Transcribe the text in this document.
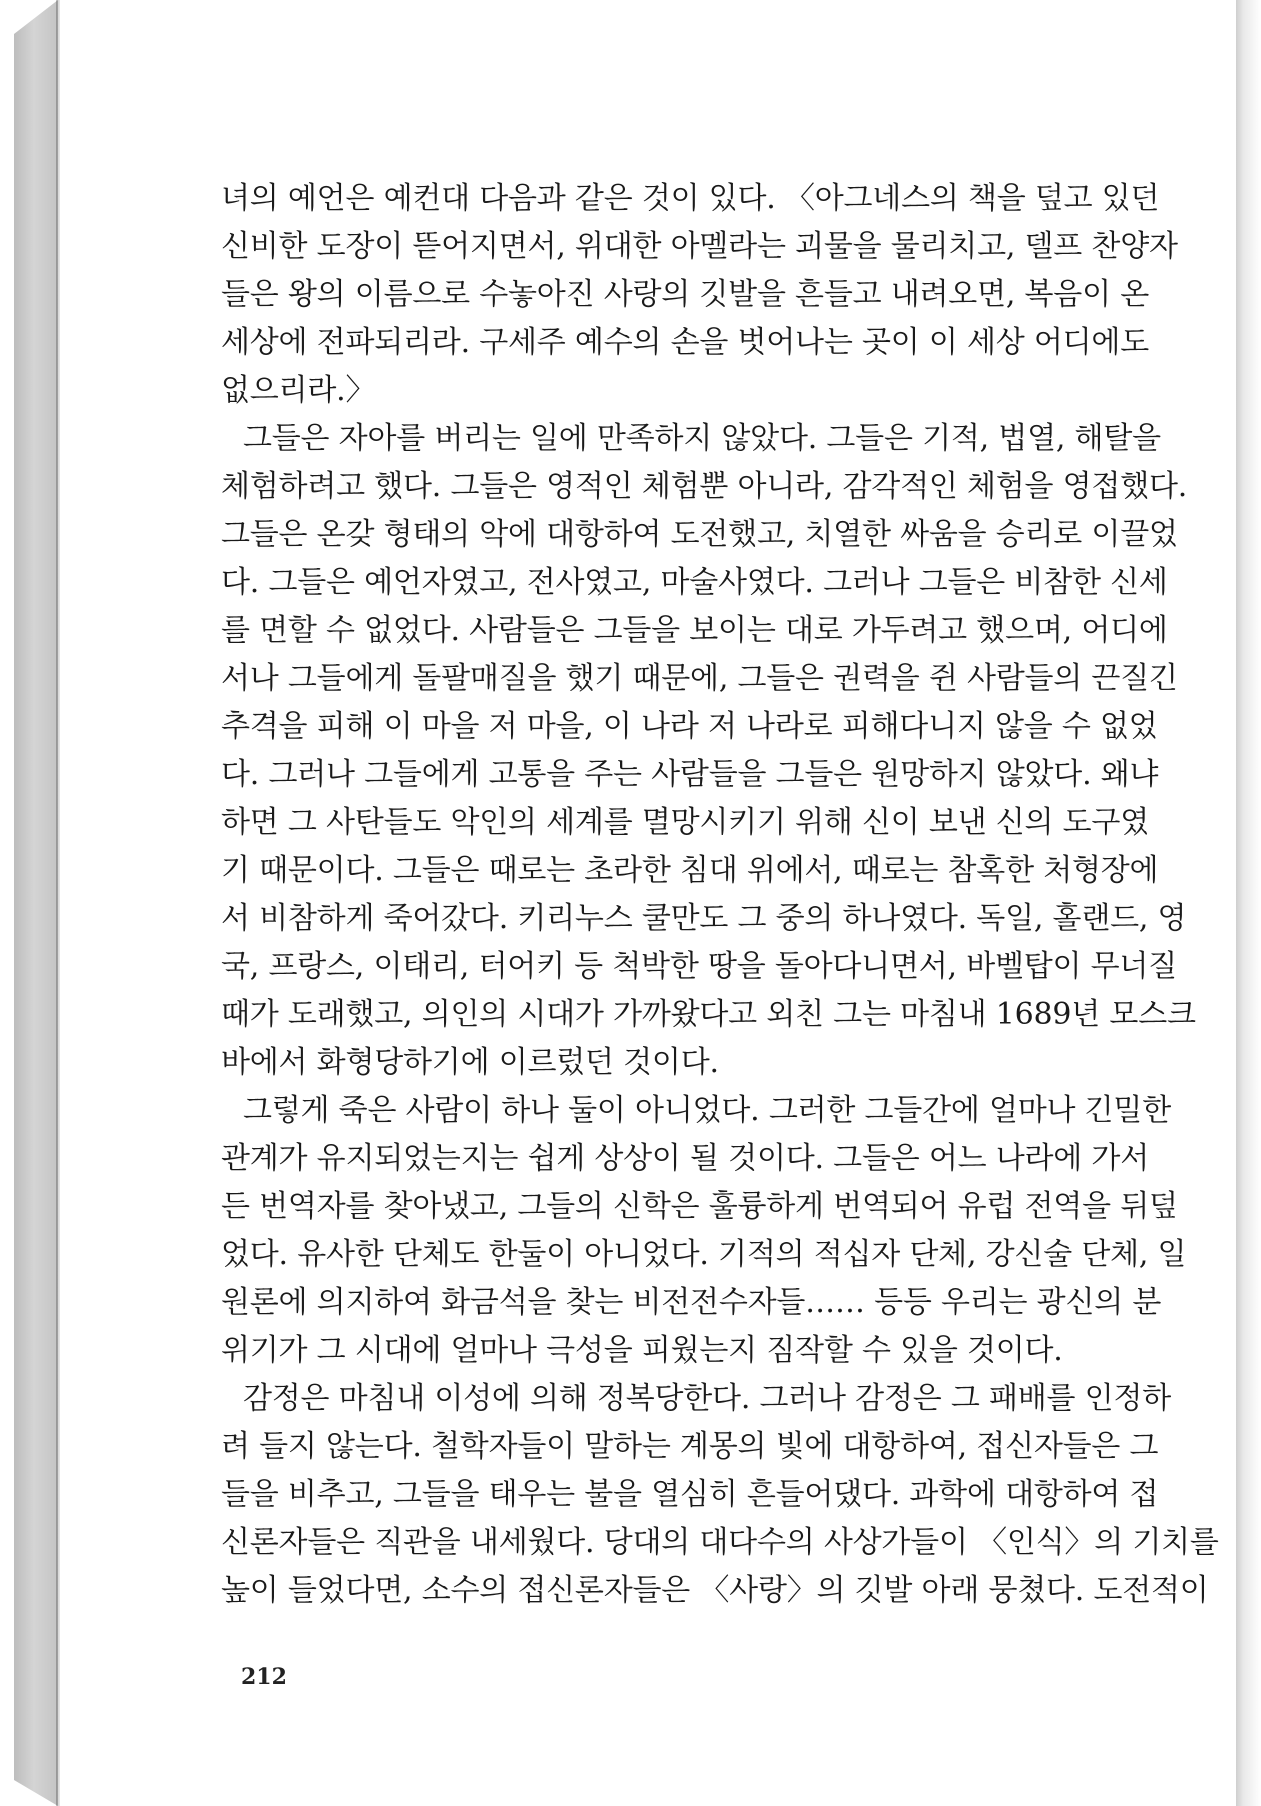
녀의 예언은 예컨대 다음과 같은 것이 있다. 〈아그네스의 책을 덮고 있던
신비한 도장이 뜯어지면서, 위대한 아멜라는 괴물을 물리치고, 델프 찬양자
들은 왕의 이름으로 수놓아진 사랑의 깃발을 흔들고 내려오면, 복음이 온
세상에 전파되리라. 구세주 예수의 손을 벗어나는 곳이 이 세상 어디에도
없으리라.〉
그들은 자아를 버리는 일에 만족하지 않았다. 그들은 기적, 법열, 해탈을
체험하려고 했다. 그들은 영적인 체험뿐 아니라, 감각적인 체험을 영접했다.
그들은 온갖 형태의 악에 대항하여 도전했고, 치열한 싸움을 승리로 이끌었
다. 그들은 예언자였고, 전사였고, 마술사였다. 그러나 그들은 비참한 신세
를 면할 수 없었다. 사람들은 그들을 보이는 대로 가두려고 했으며, 어디에
서나 그들에게 돌팔매질을 했기 때문에, 그들은 권력을 쥔 사람들의 끈질긴
추격을 피해 이 마을 저 마을, 이 나라 저 나라로 피해다니지 않을 수 없었
다. 그러나 그들에게 고통을 주는 사람들을 그들은 원망하지 않았다. 왜냐
하면 그 사탄들도 악인의 세계를 멸망시키기 위해 신이 보낸 신의 도구였
기 때문이다. 그들은 때로는 초라한 침대 위에서, 때로는 참혹한 처형장에
서 비참하게 죽어갔다. 키리누스 쿨만도 그 중의 하나였다. 독일, 홀랜드, 영
국, 프랑스, 이태리, 터어키 등 척박한 땅을 돌아다니면서, 바벨탑이 무너질
때가 도래했고, 의인의 시대가 가까왔다고 외친 그는 마침내 1689년 모스크
바에서 화형당하기에 이르렀던 것이다.
그렇게 죽은 사람이 하나 둘이 아니었다. 그러한 그들간에 얼마나 긴밀한
관계가 유지되었는지는 쉽게 상상이 될 것이다. 그들은 어느 나라에 가서
든 번역자를 찾아냈고, 그들의 신학은 훌륭하게 번역되어 유럽 전역을 뒤덮
었다. 유사한 단체도 한둘이 아니었다. 기적의 적십자 단체, 강신술 단체, 일
원론에 의지하여 화금석을 찾는 비전전수자들…… 등등 우리는 광신의 분
위기가 그 시대에 얼마나 극성을 피웠는지 짐작할 수 있을 것이다.
감정은 마침내 이성에 의해 정복당한다. 그러나 감정은 그 패배를 인정하
려 들지 않는다. 철학자들이 말하는 계몽의 빛에 대항하여, 접신자들은 그
들을 비추고, 그들을 태우는 불을 열심히 흔들어댔다. 과학에 대항하여 접
신론자들은 직관을 내세웠다. 당대의 대다수의 사상가들이 〈인식〉의 기치를
높이 들었다면, 소수의 접신론자들은 〈사랑〉의 깃발 아래 뭉쳤다. 도전적이
212
